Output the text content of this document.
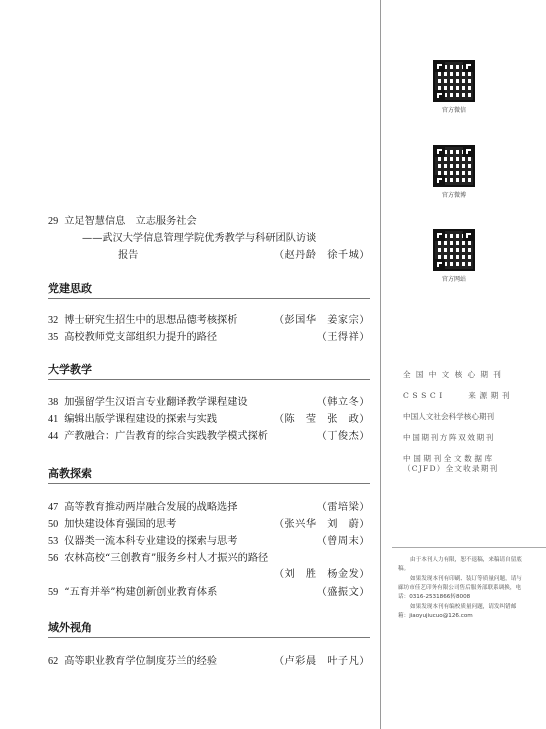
29 立足智慧信息　立志服务社会
——武汉大学信息管理学院优秀教学与科研团队访谈
报告	（赵丹龄　徐千城）
党建思政
32 博士研究生招生中的思想品德考核探析	（彭国华　姜家宗）
35 高校教师党支部组织力提升的路径	（王得祥）
大学教学
38 加强留学生汉语言专业翻译教学课程建设	（韩立冬）
41 编辑出版学课程建设的探索与实践	（陈　莹　张　政）
44 产教融合：广告教育的综合实践教学模式探析	（丁俊杰）
高教探索
47 高等教育推动两岸融合发展的战略选择	（雷培梁）
50 加快建设体育强国的思考	（张兴华　刘　蔚）
53 仪器类一流本科专业建设的探索与思考	（曾周末）
56 农林高校“三创教育”服务乡村人才振兴的路径
（刘　胜　杨金发）
59 “五育并举”构建创新创业教育体系	（盛振文）
域外视角
62 高等职业教育学位制度芬兰的经验	（卢彩晨　叶子凡）
官方微信
官方微博
官方网站
全国中文核心期刊
CSSCI　　来源期刊
中国人文社会科学核心期刊
中国期刊方阵双效期刊
中国期刊全文数据库
（CJFD）全文收录期刊

由于本刊人力有限，恕不退稿，来稿请自留底稿。

如果发现本刊有印刷、装订等质量问题，请与廊坊市佳艺印务有限公司售后服务部联系调换，电话：0316-2531866转8008

如果发现本刊有编校质量问题，请发纠错邮箱：jiaoyujiucuo@126.com
